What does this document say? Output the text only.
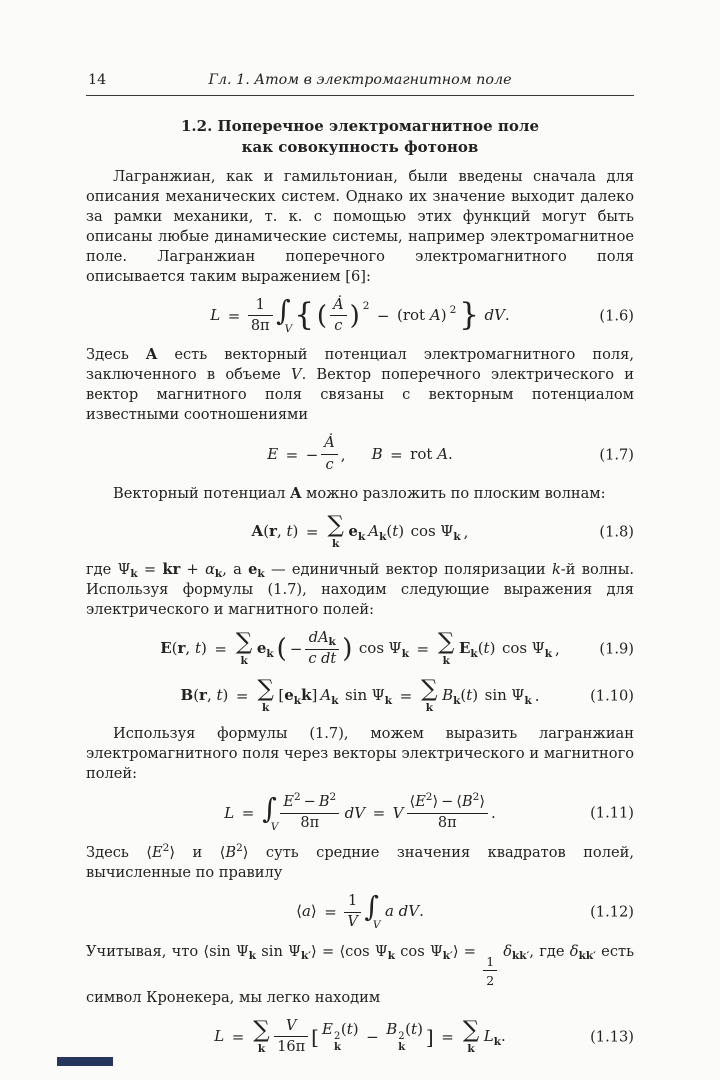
14	Гл. 1. Атом в электромагнитном поле
1.2. Поперечное электромагнитное поле
как совокупность фотонов

Лагранжиан, как и гамильтониан, были введены сначала для описания механических систем. Однако их значение выходит далеко за рамки механики, т. к. с помощью этих функций могут быть описаны любые динамические системы, например электромагнитное поле. Лагранжиан поперечного электромагнитного поля описывается таким выражением [6]:

$L = \frac{1}{8\pi}$ ∫
V { ( $\frac{Ȧ}{c}$ ) 2
− (rot A) 2 } dV.	(1.6)

Здесь A есть векторный потенциал электромагнитного поля, заключенного в объеме V. Вектор поперечного электрического и вектор магнитного поля связаны с векторным потенциалом известными соотношениями

E = − $\frac{Ȧ}{c}$ , B = rot A.	(1.7)

Векторный потенциал A можно разложить по плоским волнам:

A(r, t) = ∑
k
$e_k$ $A_k(t)$ $\cos \Psi_k$ ,	(1.8)

где $\Psi_k$ = kr + $\alpha_k$, а $e_k$ — единичный вектор поляризации k-й волны. Используя формулы (1.7), находим следующие выражения для электрического и магнитного полей:

E(r, t) = ∑
k
$e_k$ ( − $\frac{dA_k}{\text{c dt}}$ ) $\cos \Psi_k$ = ∑
k
$E_k(t)$ $\cos \Psi_k$ ,	(1.9)
B(r, t) = ∑
k
$[e_kk]$ $A_k$ $\sin \Psi_k$ = ∑
k
$B_k(t)$ $\sin \Psi_k$ .	(1.10)

Используя формулы (1.7), можем выразить лагранжиан электромагнитного поля через векторы электрического и магнитного полей:

L = ∫
V $\frac{E^2 - B^2}{8\pi}$ dV = V $\frac{⟨E^2⟩ - ⟨B^2⟩}{8\pi}$ .	(1.11)

Здесь $⟨E^2⟩$ и $⟨B^2⟩$ суть средние значения квадратов полей, вычисленные по правилу

⟨a⟩ = $\frac{1}{V}$ ∫
V
a dV.	(1.12)

Учитывая, что ⟨sin $\Psi_k$ $\sin \Psi_{k'}⟩$ = ⟨cos $\Psi_k$ $\cos \Psi_{k'}⟩$ =
$\frac{1}{2}$
$\delta_{kk'}$, где $\delta_{kk'}$ есть символ Кронекера, мы легко находим

L = ∑
k $\frac{V}{16\pi}$ [ E 2
k
(t) − B 2
k
(t) ] = ∑
k
$L_k$.	(1.13)
